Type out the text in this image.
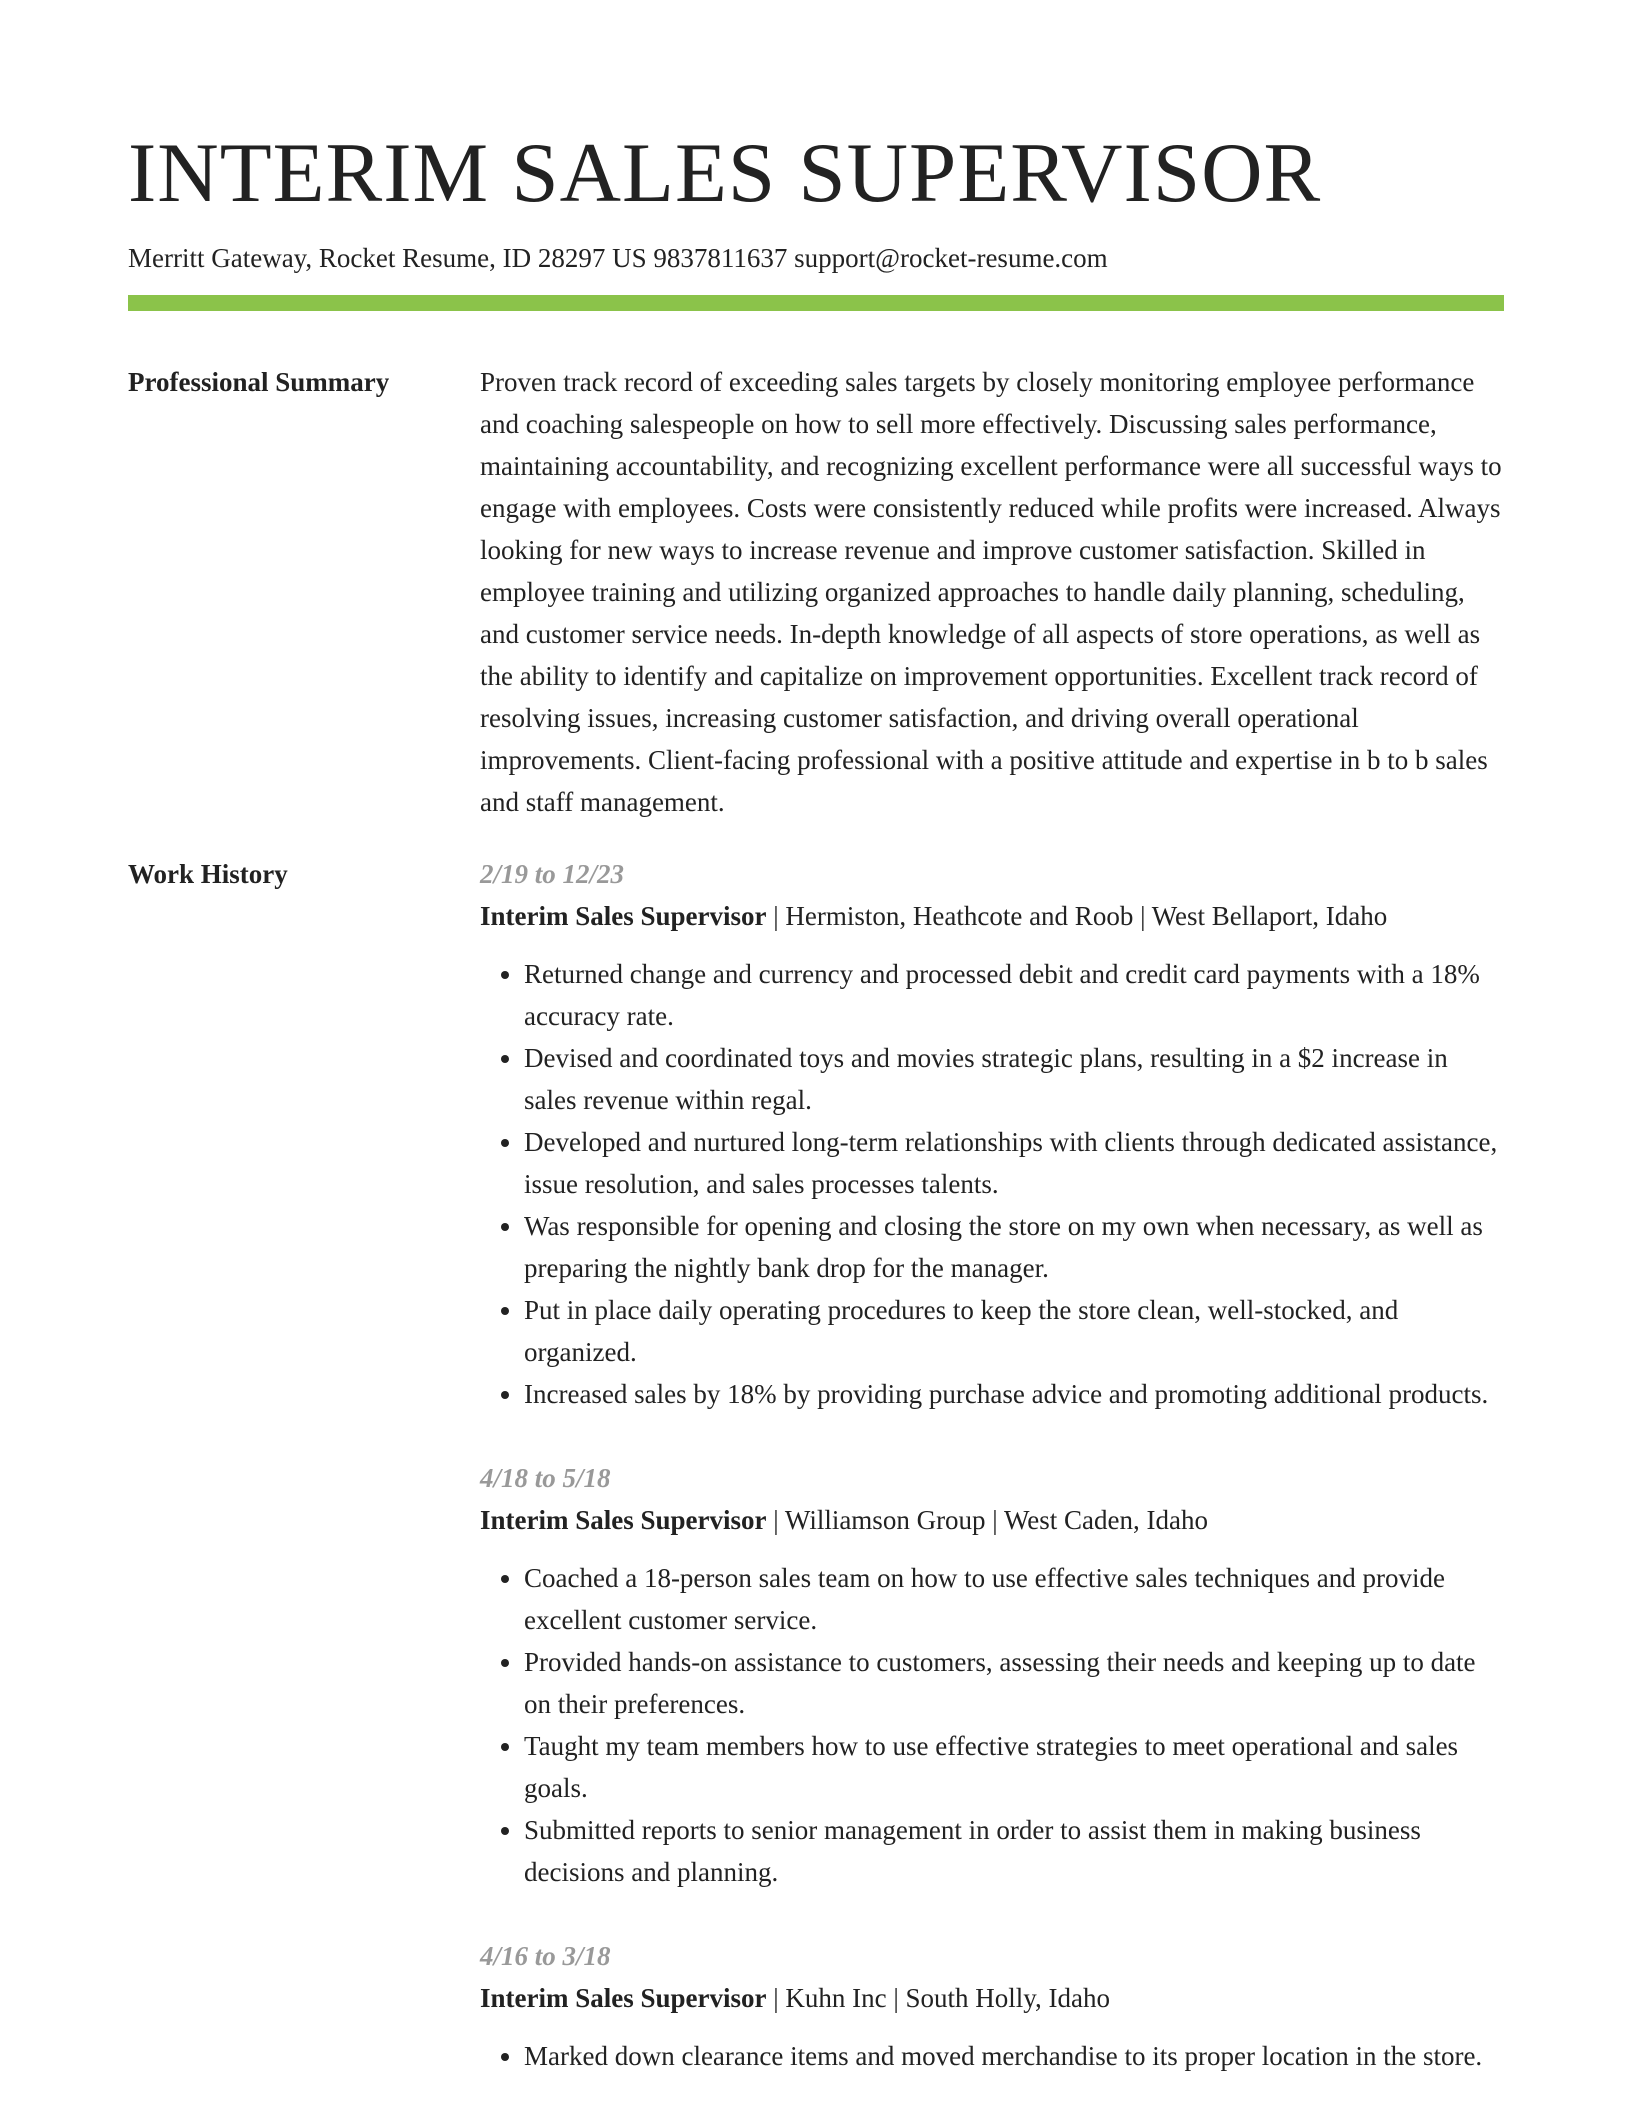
INTERIM SALES SUPERVISOR
Merritt Gateway, Rocket Resume, ID 28297 US 9837811637 support@rocket-resume.com
Professional Summary	Proven track record of exceeding sales targets by closely monitoring employee performance and coaching salespeople on how to sell more effectively. Discussing sales performance, maintaining accountability, and recognizing excellent performance were all successful ways to engage with employees. Costs were consistently reduced while profits were increased. Always looking for new ways to increase revenue and improve customer satisfaction. Skilled in employee training and utilizing organized approaches to handle daily planning, scheduling, and customer service needs. In-depth knowledge of all aspects of store operations, as well as the ability to identify and capitalize on improvement opportunities. Excellent track record of resolving issues, increasing customer satisfaction, and driving overall operational improvements. Client-facing professional with a positive attitude and expertise in b to b sales and staff management.

Work History	2/19 to 12/23
Interim Sales Supervisor | Hermiston, Heathcote and Roob | West Bellaport, Idaho
• Returned change and currency and processed debit and credit card payments with a 18% accuracy rate.
• Devised and coordinated toys and movies strategic plans, resulting in a $2 increase in sales revenue within regal.
• Developed and nurtured long-term relationships with clients through dedicated assistance, issue resolution, and sales processes talents.
• Was responsible for opening and closing the store on my own when necessary, as well as preparing the nightly bank drop for the manager.
• Put in place daily operating procedures to keep the store clean, well-stocked, and organized.
• Increased sales by 18% by providing purchase advice and promoting additional products.
4/18 to 5/18
Interim Sales Supervisor | Williamson Group | West Caden, Idaho
• Coached a 18-person sales team on how to use effective sales techniques and provide excellent customer service.
• Provided hands-on assistance to customers, assessing their needs and keeping up to date on their preferences.
• Taught my team members how to use effective strategies to meet operational and sales goals.
• Submitted reports to senior management in order to assist them in making business decisions and planning.
4/16 to 3/18
Interim Sales Supervisor | Kuhn Inc | South Holly, Idaho
• Marked down clearance items and moved merchandise to its proper location in the store.
